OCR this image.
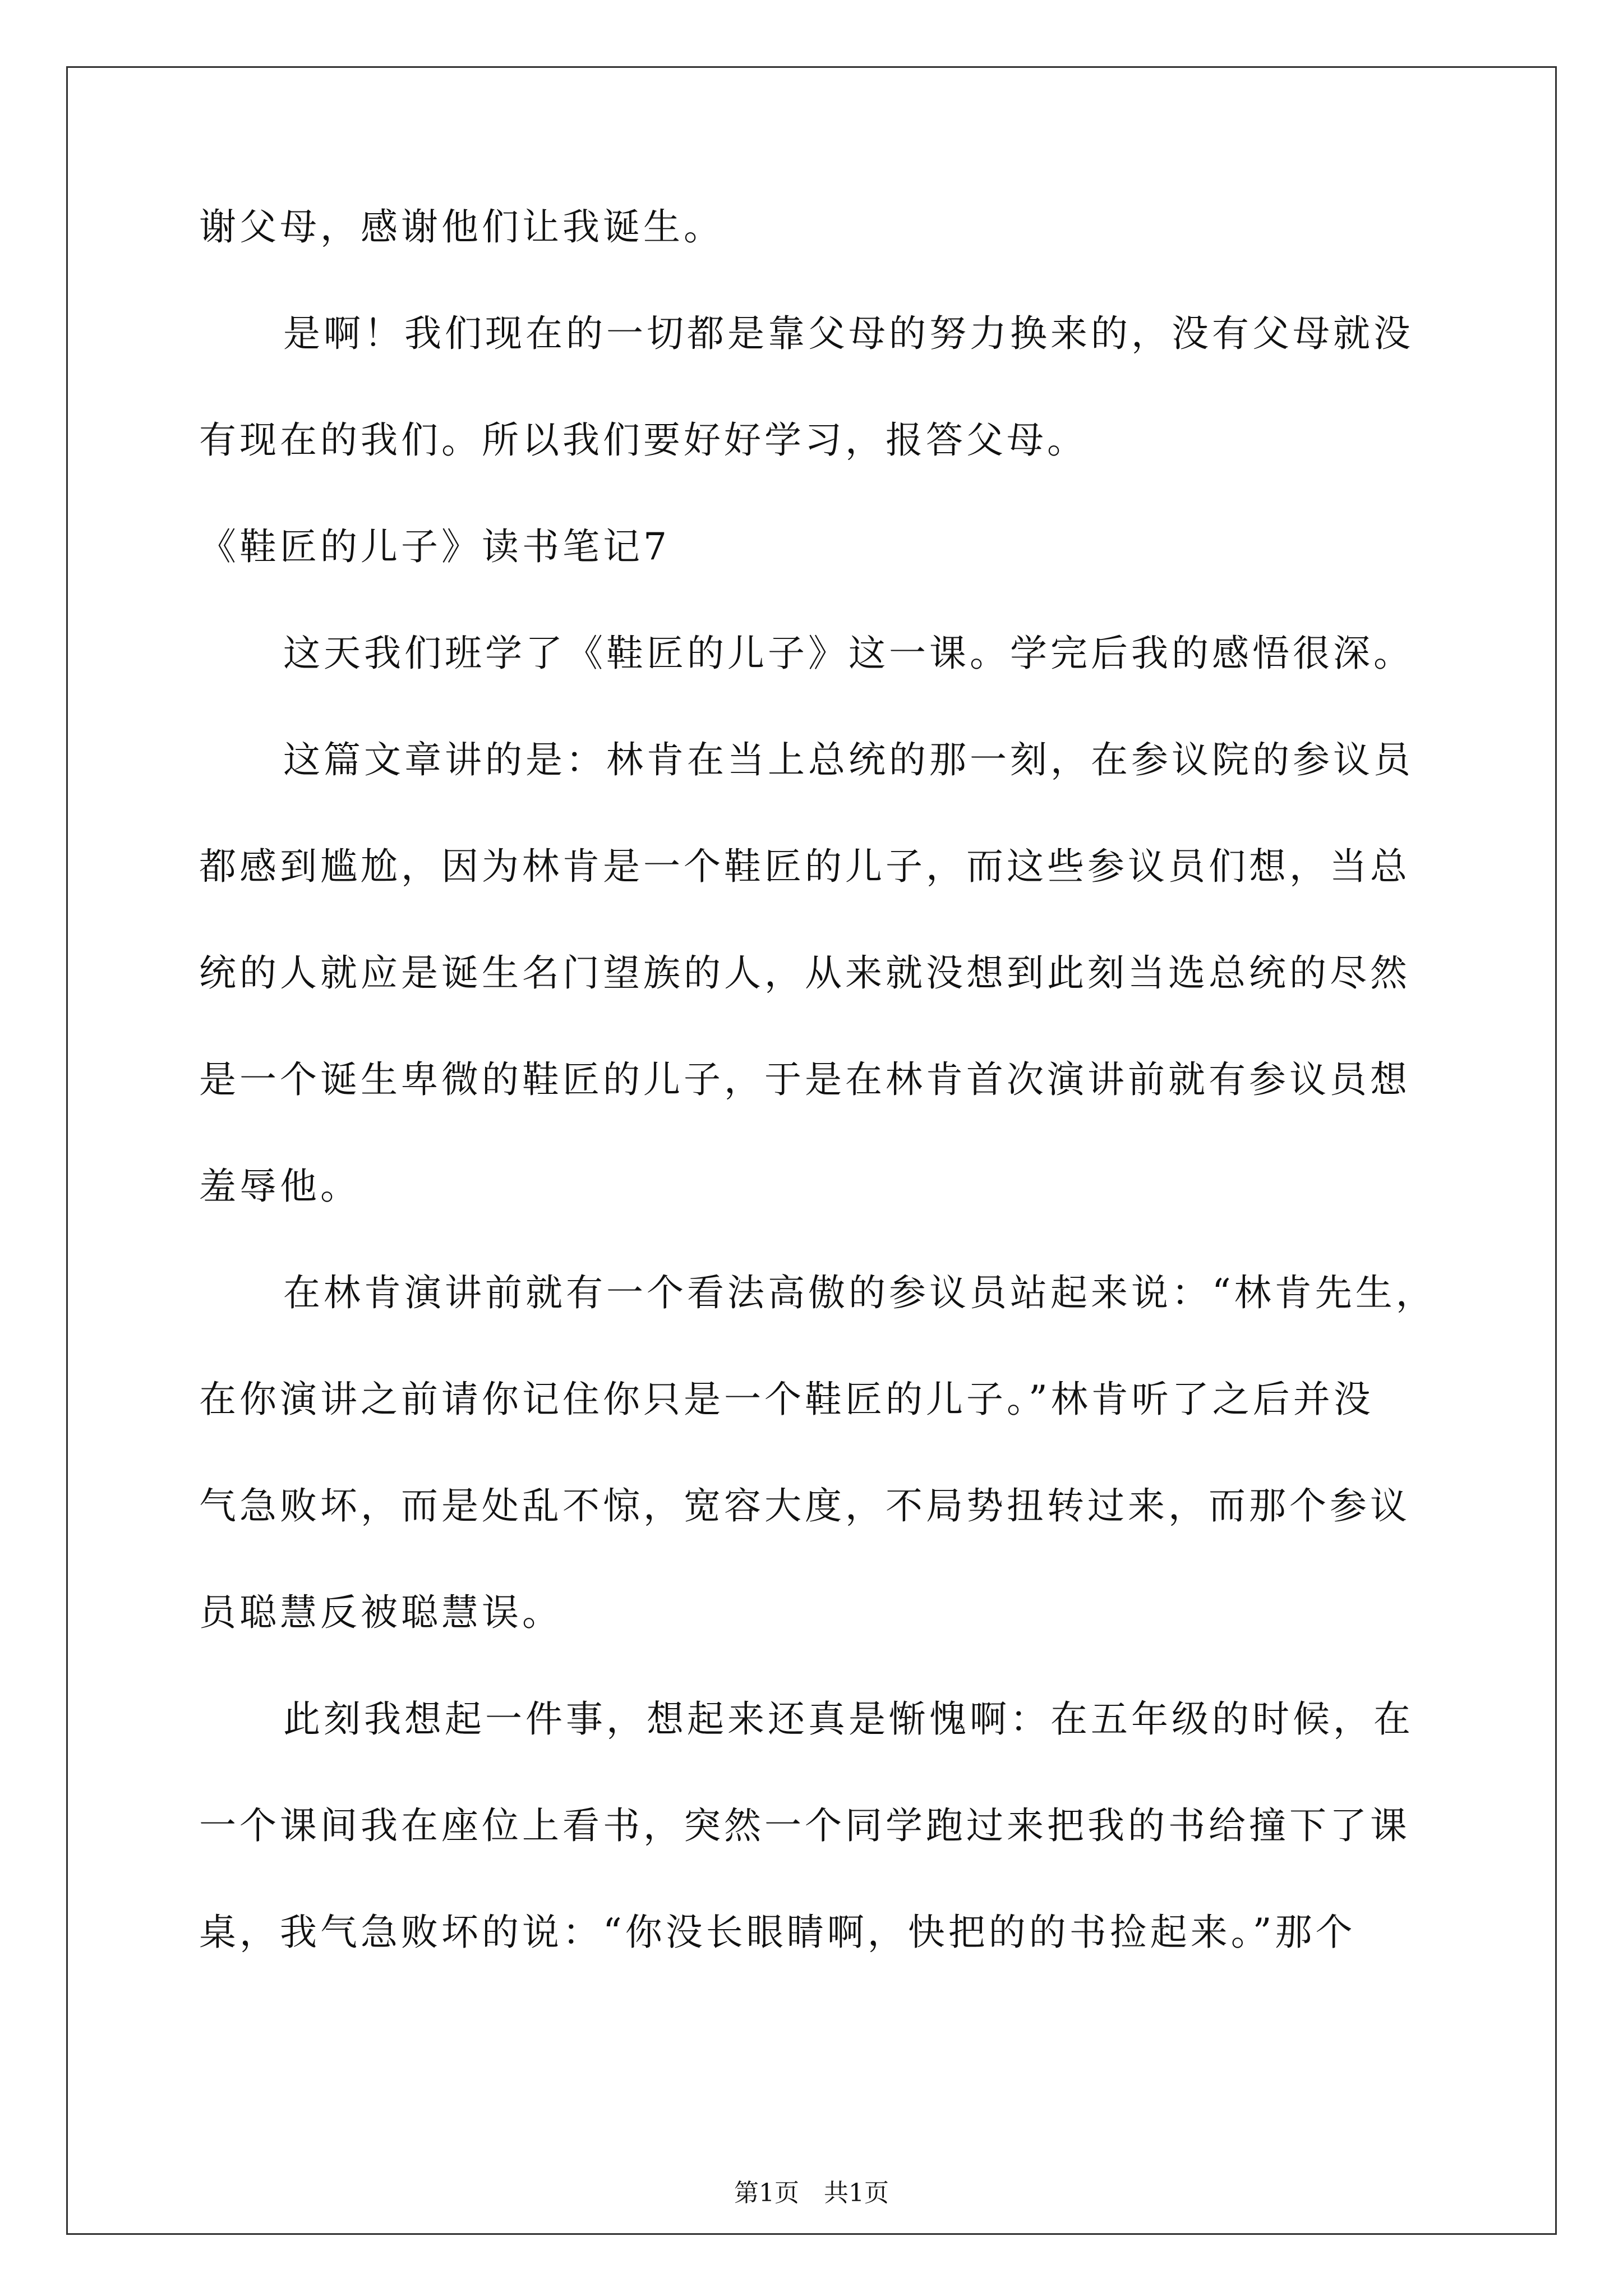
谢父母，感谢他们让我诞生。
是啊！我们现在的一切都是靠父母的努力换来的，没有父母就没
有现在的我们。所以我们要好好学习，报答父母。
《鞋匠的儿子》读书笔记7
这天我们班学了《鞋匠的儿子》这一课。学完后我的感悟很深。
这篇文章讲的是：林肯在当上总统的那一刻，在参议院的参议员
都感到尴尬，因为林肯是一个鞋匠的儿子，而这些参议员们想，当总
统的人就应是诞生名门望族的人，从来就没想到此刻当选总统的尽然
是一个诞生卑微的鞋匠的儿子，于是在林肯首次演讲前就有参议员想
羞辱他。
在林肯演讲前就有一个看法高傲的参议员站起来说：“林肯先生，
在你演讲之前请你记住你只是一个鞋匠的儿子。”林肯听了之后并没
气急败坏，而是处乱不惊，宽容大度，不局势扭转过来，而那个参议
员聪慧反被聪慧误。
此刻我想起一件事，想起来还真是惭愧啊：在五年级的时候，在
一个课间我在座位上看书，突然一个同学跑过来把我的书给撞下了课
桌，我气急败坏的说：“你没长眼睛啊，快把的的书捡起来。”那个
第1页　共1页
